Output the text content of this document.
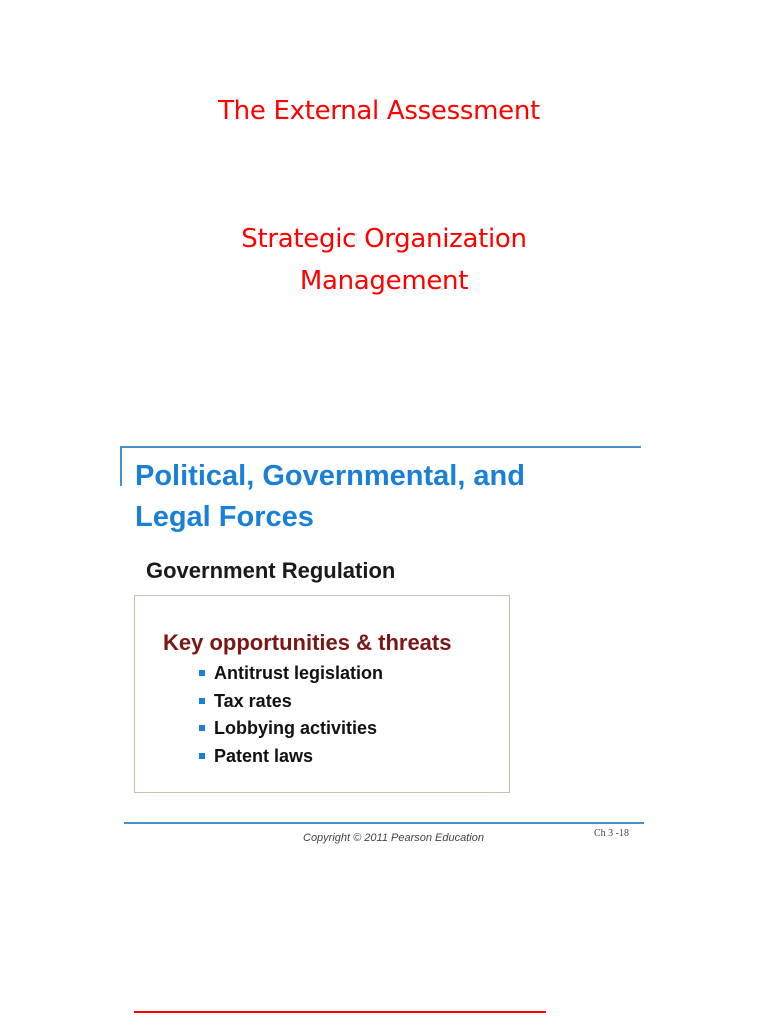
The External Assessment
Strategic Organization
Management
Political, Governmental, and
Legal Forces
Government Regulation
Key opportunities & threats
Antitrust legislation
Tax rates
Lobbying activities
Patent laws
Copyright © 2011 Pearson Education	Ch 3 -18
